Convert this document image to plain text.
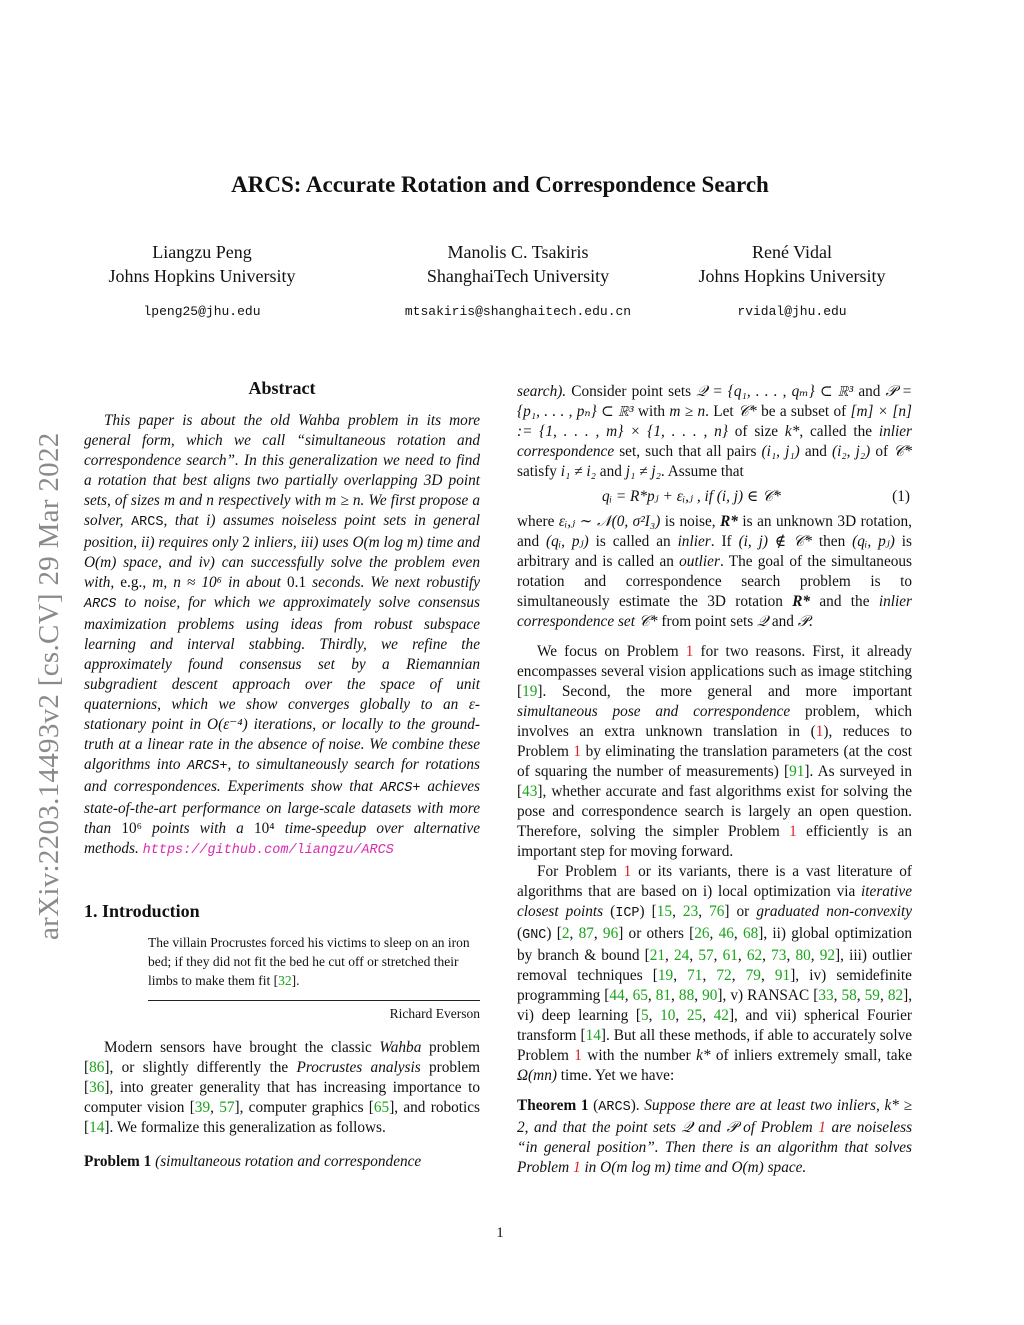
arXiv:2203.14493v2 [cs.CV] 29 Mar 2022
ARCS: Accurate Rotation and Correspondence Search
Liangzu Peng
Johns Hopkins University
lpeng25@jhu.edu
Manolis C. Tsakiris
ShanghaiTech University
mtsakiris@shanghaitech.edu.cn
René Vidal
Johns Hopkins University
rvidal@jhu.edu
Abstract

This paper is about the old Wahba problem in its more general form, which we call “simultaneous rotation and correspondence search”. In this generalization we need to find a rotation that best aligns two partially overlapping 3D point sets, of sizes m and n respectively with m ≥ n. We first propose a solver, ARCS, that i) assumes noiseless point sets in general position, ii) requires only 2 inliers, iii) uses O(m log m) time and O(m) space, and iv) can successfully solve the problem even with, e.g., m, n ≈ 10⁶ in about 0.1 seconds. We next robustify ARCS to noise, for which we approximately solve consensus maximization problems using ideas from robust subspace learning and interval stabbing. Thirdly, we refine the approximately found consensus set by a Riemannian subgradient descent approach over the space of unit quaternions, which we show converges globally to an ε-stationary point in O(ε⁻⁴) iterations, or locally to the ground-truth at a linear rate in the absence of noise. We combine these algorithms into ARCS+, to simultaneously search for rotations and correspondences. Experiments show that ARCS+ achieves state-of-the-art performance on large-scale datasets with more than 10⁶ points with a 10⁴ time-speedup over alternative methods. https://github.com/liangzu/ARCS

1. Introduction
The villain Procrustes forced his victims to sleep on an iron bed; if they did not fit the bed he cut off or stretched their limbs to make them fit [32].
Richard Everson

Modern sensors have brought the classic Wahba problem [86], or slightly differently the Procrustes analysis problem [36], into greater generality that has increasing importance to computer vision [39, 57], computer graphics [65], and robotics [14]. We formalize this generalization as follows.

Problem 1 (simultaneous rotation and correspondence

search). Consider point sets 𝒬 = {q₁, . . . , qₘ} ⊂ ℝ³ and 𝒫 = {p₁, . . . , pₙ} ⊂ ℝ³ with m ≥ n. Let 𝒞* be a subset of [m] × [n] := {1, . . . , m} × {1, . . . , n} of size k*, called the inlier correspondence set, such that all pairs (i₁, j₁) and (i₂, j₂) of 𝒞* satisfy i₁ ≠ i₂ and j₁ ≠ j₂. Assume that

qᵢ = R*pⱼ + εᵢ,ⱼ , if (i, j) ∈ 𝒞*	(1)

where εᵢ,ⱼ ∼ 𝒩(0, σ²I₃) is noise, R* is an unknown 3D rotation, and (qᵢ, pⱼ) is called an inlier. If (i, j) ∉ 𝒞* then (qᵢ, pⱼ) is arbitrary and is called an outlier. The goal of the simultaneous rotation and correspondence search problem is to simultaneously estimate the 3D rotation R* and the inlier correspondence set 𝒞* from point sets 𝒬 and 𝒫.

We focus on Problem 1 for two reasons. First, it already encompasses several vision applications such as image stitching [19]. Second, the more general and more important simultaneous pose and correspondence problem, which involves an extra unknown translation in (1), reduces to Problem 1 by eliminating the translation parameters (at the cost of squaring the number of measurements) [91]. As surveyed in [43], whether accurate and fast algorithms exist for solving the pose and correspondence search is largely an open question. Therefore, solving the simpler Problem 1 efficiently is an important step for moving forward.

For Problem 1 or its variants, there is a vast literature of algorithms that are based on i) local optimization via iterative closest points (ICP) [15, 23, 76] or graduated non-convexity (GNC) [2, 87, 96] or others [26, 46, 68], ii) global optimization by branch & bound [21, 24, 57, 61, 62, 73, 80, 92], iii) outlier removal techniques [19, 71, 72, 79, 91], iv) semidefinite programming [44, 65, 81, 88, 90], v) RANSAC [33, 58, 59, 82], vi) deep learning [5, 10, 25, 42], and vii) spherical Fourier transform [14]. But all these methods, if able to accurately solve Problem 1 with the number k* of inliers extremely small, take Ω(mn) time. Yet we have:

Theorem 1 (ARCS). Suppose there are at least two inliers, k* ≥ 2, and that the point sets 𝒬 and 𝒫 of Problem 1 are noiseless “in general position”. Then there is an algorithm that solves Problem 1 in O(m log m) time and O(m) space.

1
